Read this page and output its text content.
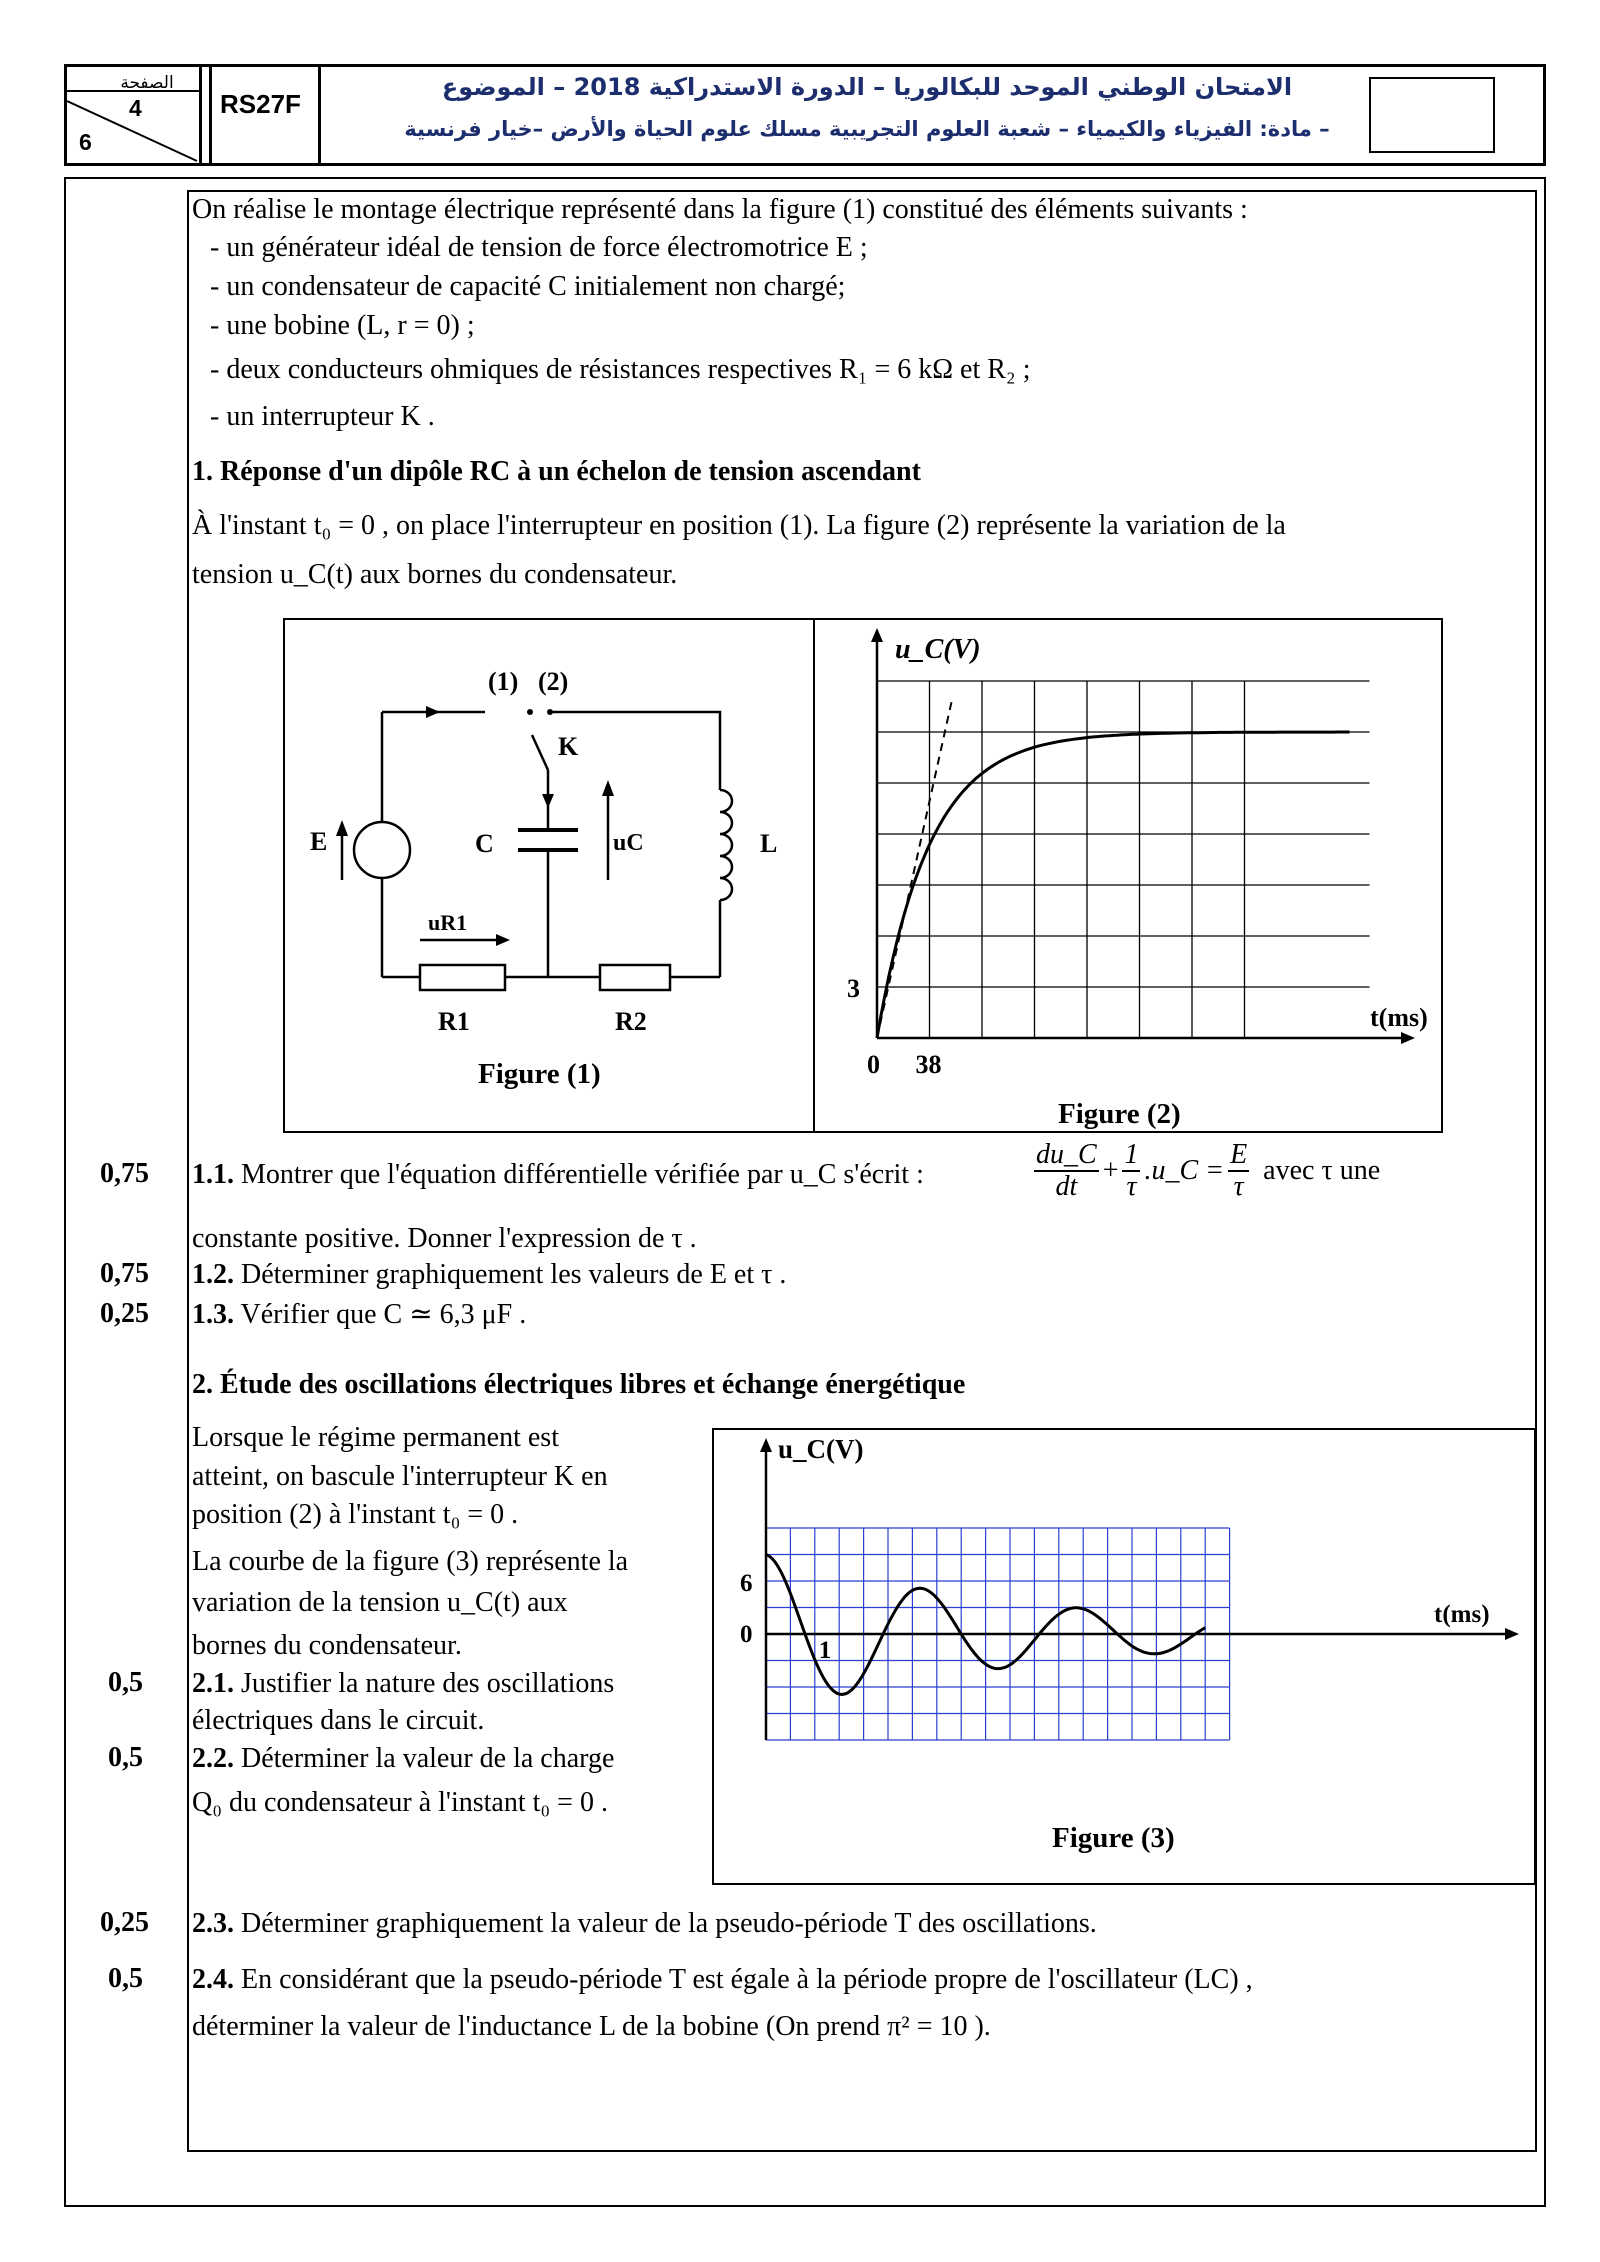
الصفحة
4
6
RS27F
الامتحان الوطني الموحد للبكالوريا – الدورة الاستدراكية 2018 – الموضوع
– مادة: الفيزياء والكيمياء – شعبة العلوم التجريبية مسلك علوم الحياة والأرض –خيار فرنسية
On réalise le montage électrique représenté dans la figure (1) constitué des éléments suivants :
- un générateur idéal de tension de force électromotrice E ;
- un condensateur de capacité C initialement non chargé;
- une bobine (L, r = 0) ;
- deux conducteurs ohmiques de résistances respectives R₁ = 6 kΩ et R₂ ;
- un interrupteur K .
1. Réponse d'un dipôle RC à un échelon de tension ascendant
À l'instant t₀ = 0 , on place l'interrupteur en position (1). La figure (2) représente la variation de la
tension u_C(t) aux bornes du condensateur.
E	C	uC	L
K
(1) (2)
uR1
R1	R2
Figure (1)
u_C(V)
t(ms)
3
0 38
Figure (2)
0,75 1.1. Montrer que l'équation différentielle vérifiée par u_C s'écrit :	$\frac{du\_C}{dt} + \frac{1}{\tau}$ .u_C = $\frac{E}{\tau}$ avec τ une
constante positive. Donner l'expression de τ .
0,75 1.2. Déterminer graphiquement les valeurs de E et τ .
0,25 1.3. Vérifier que C ≃ 6,3 μF .
2. Étude des oscillations électriques libres et échange énergétique
Lorsque le régime permanent est
atteint, on bascule l'interrupteur K en
position (2) à l'instant t₀ = 0 .
La courbe de la figure (3) représente la
variation de la tension u_C(t) aux
bornes du condensateur.
0,5 2.1. Justifier la nature des oscillations
électriques dans le circuit.
0,5 2.2. Déterminer la valeur de la charge
Q₀ du condensateur à l'instant t₀ = 0 .
u_C(V)
t(ms)
6
0
1
Figure (3)
0,25 2.3. Déterminer graphiquement la valeur de la pseudo-période T des oscillations.
0,5 2.4. En considérant que la pseudo-période T est égale à la période propre de l'oscillateur (LC) ,
déterminer la valeur de l'inductance L de la bobine (On prend π² = 10 ).
